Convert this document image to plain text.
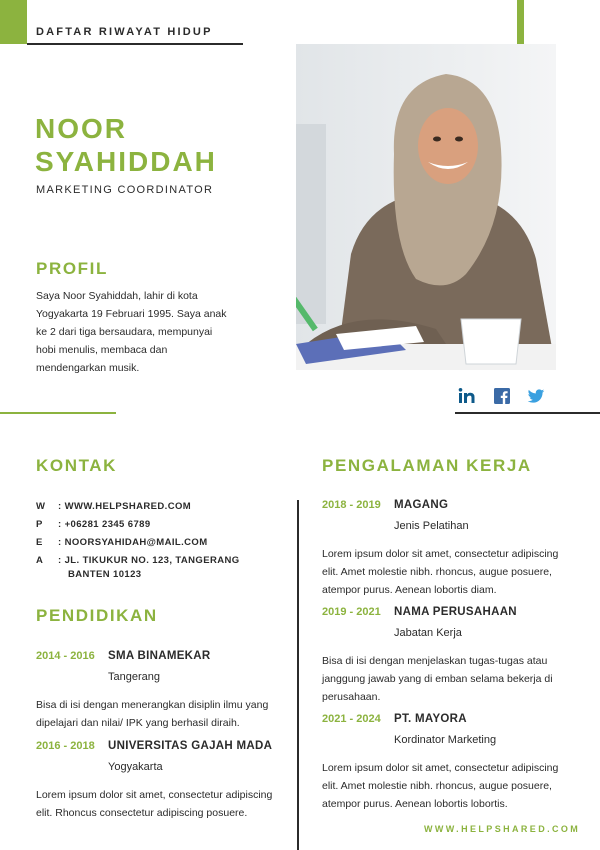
DAFTAR RIWAYAT HIDUP
NOOR
SYAHIDDAH
MARKETING COORDINATOR
PROFIL
Saya Noor Syahiddah, lahir di kota
Yogyakarta 19 Februari 1995. Saya anak
ke 2 dari tiga bersaudara, mempunyai
hobi menulis, membaca dan
mendengarkan musik.
KONTAK
W	: WWW.HELPSHARED.COM
P	: +06281 2345 6789
E	: NOORSYAHIDAH@MAIL.COM
A	: JL. TIKUKUR NO. 123, TANGERANG
BANTEN 10123
PENDIDIKAN
2014 - 2016	SMA BINAMEKAR
Tangerang
Bisa di isi dengan menerangkan disiplin ilmu yang
dipelajari dan nilai/ IPK yang berhasil diraih.
2016 - 2018	UNIVERSITAS GAJAH MADA
Yogyakarta
Lorem ipsum dolor sit amet, consectetur adipiscing
elit. Rhoncus consectetur adipiscing posuere.
PENGALAMAN KERJA
2018 - 2019	MAGANG
Jenis Pelatihan
Lorem ipsum dolor sit amet, consectetur adipiscing
elit. Amet molestie nibh. rhoncus, augue posuere,
atempor purus. Aenean lobortis diam.
2019 - 2021	NAMA PERUSAHAAN
Jabatan Kerja
Bisa di isi dengan menjelaskan tugas-tugas atau
janggung jawab yang di emban selama bekerja di
perusahaan.
2021 - 2024	PT. MAYORA
Kordinator Marketing
Lorem ipsum dolor sit amet, consectetur adipiscing
elit. Amet molestie nibh. rhoncus, augue posuere,
atempor purus. Aenean lobortis lobortis.
WWW.HELPSHARED.COM
